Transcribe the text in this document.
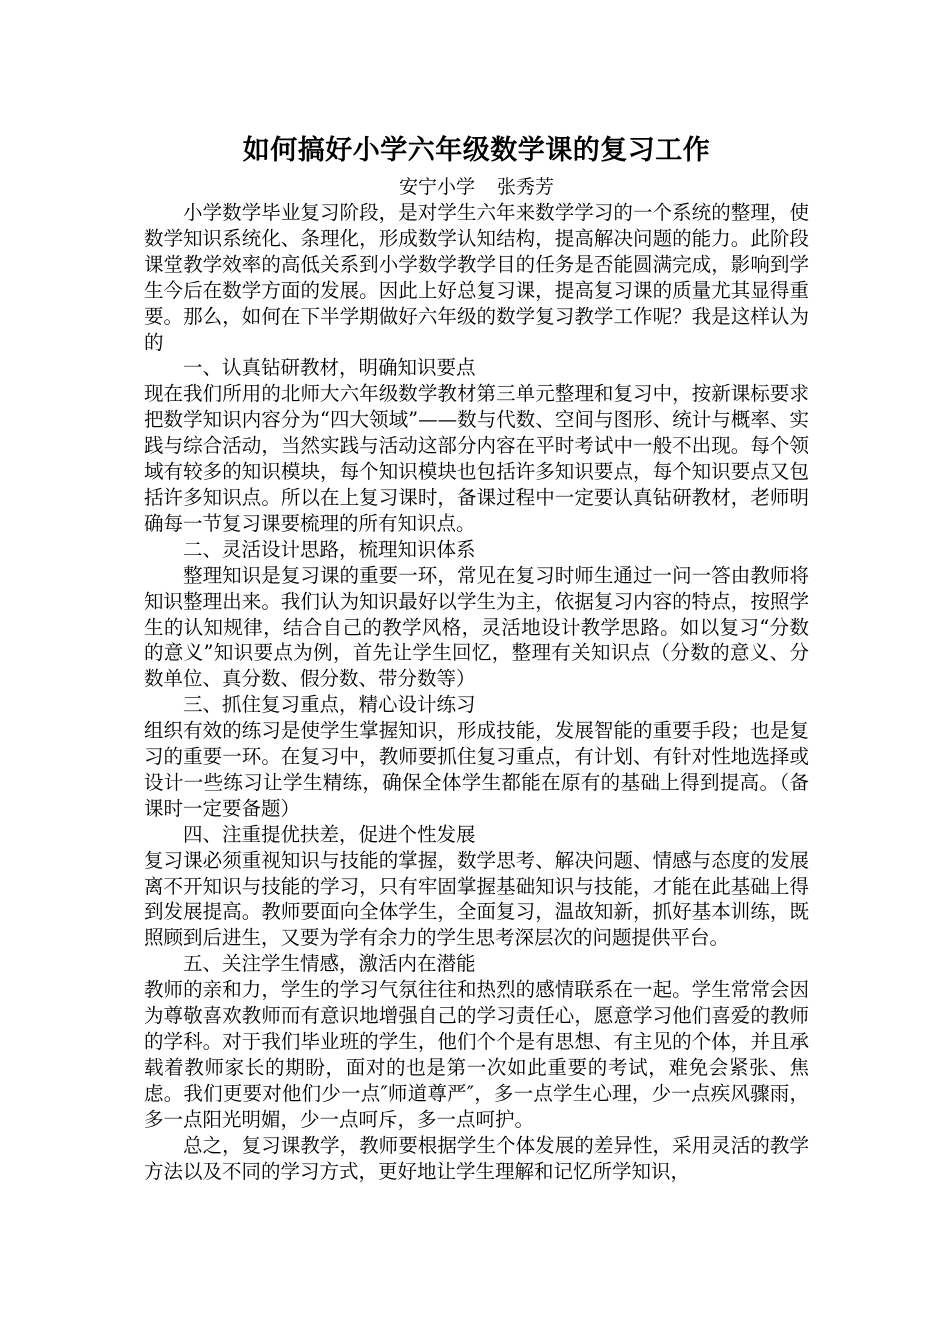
如何搞好小学六年级数学课的复习工作

安宁小学 张秀芳

小学数学毕业复习阶段，是对学生六年来数学学习的一个系统的整理，使数学知识系统化、条理化，形成数学认知结构，提高解决问题的能力。此阶段课堂教学效率的高低关系到小学数学教学目的任务是否能圆满完成，影响到学生今后在数学方面的发展。因此上好总复习课，提高复习课的质量尤其显得重要。那么，如何在下半学期做好六年级的数学复习教学工作呢？我是这样认为的

一、认真钻研教材，明确知识要点

现在我们所用的北师大六年级数学教材第三单元整理和复习中，按新课标要求把数学知识内容分为“四大领域”——数与代数、空间与图形、统计与概率、实践与综合活动，当然实践与活动这部分内容在平时考试中一般不出现。每个领域有较多的知识模块，每个知识模块也包括许多知识要点，每个知识要点又包括许多知识点。所以在上复习课时，备课过程中一定要认真钻研教材，老师明确每一节复习课要梳理的所有知识点。

二、灵活设计思路，梳理知识体系

整理知识是复习课的重要一环，常见在复习时师生通过一问一答由教师将知识整理出来。我们认为知识最好以学生为主，依据复习内容的特点，按照学生的认知规律，结合自己的教学风格，灵活地设计教学思路。如以复习“分数的意义”知识要点为例，首先让学生回忆，整理有关知识点（分数的意义、分数单位、真分数、假分数、带分数等）

三、抓住复习重点，精心设计练习

组织有效的练习是使学生掌握知识，形成技能，发展智能的重要手段；也是复习的重要一环。在复习中，教师要抓住复习重点，有计划、有针对性地选择或设计一些练习让学生精练，确保全体学生都能在原有的基础上得到提高。（备课时一定要备题）

四、注重提优扶差，促进个性发展

复习课必须重视知识与技能的掌握，数学思考、解决问题、情感与态度的发展离不开知识与技能的学习，只有牢固掌握基础知识与技能，才能在此基础上得到发展提高。教师要面向全体学生，全面复习，温故知新，抓好基本训练，既照顾到后进生，又要为学有余力的学生思考深层次的问题提供平台。

五、关注学生情感，激活内在潜能

教师的亲和力，学生的学习气氛往往和热烈的感情联系在一起。学生常常会因为尊敬喜欢教师而有意识地增强自己的学习责任心，愿意学习他们喜爱的教师的学科。对于我们毕业班的学生，他们个个是有思想、有主见的个体，并且承载着教师家长的期盼，面对的也是第一次如此重要的考试，难免会紧张、焦虑。我们更要对他们少一点″师道尊严″，多一点学生心理，少一点疾风骤雨，多一点阳光明媚，少一点呵斥，多一点呵护。

总之，复习课教学，教师要根据学生个体发展的差异性，采用灵活的教学方法以及不同的学习方式，更好地让学生理解和记忆所学知识，
